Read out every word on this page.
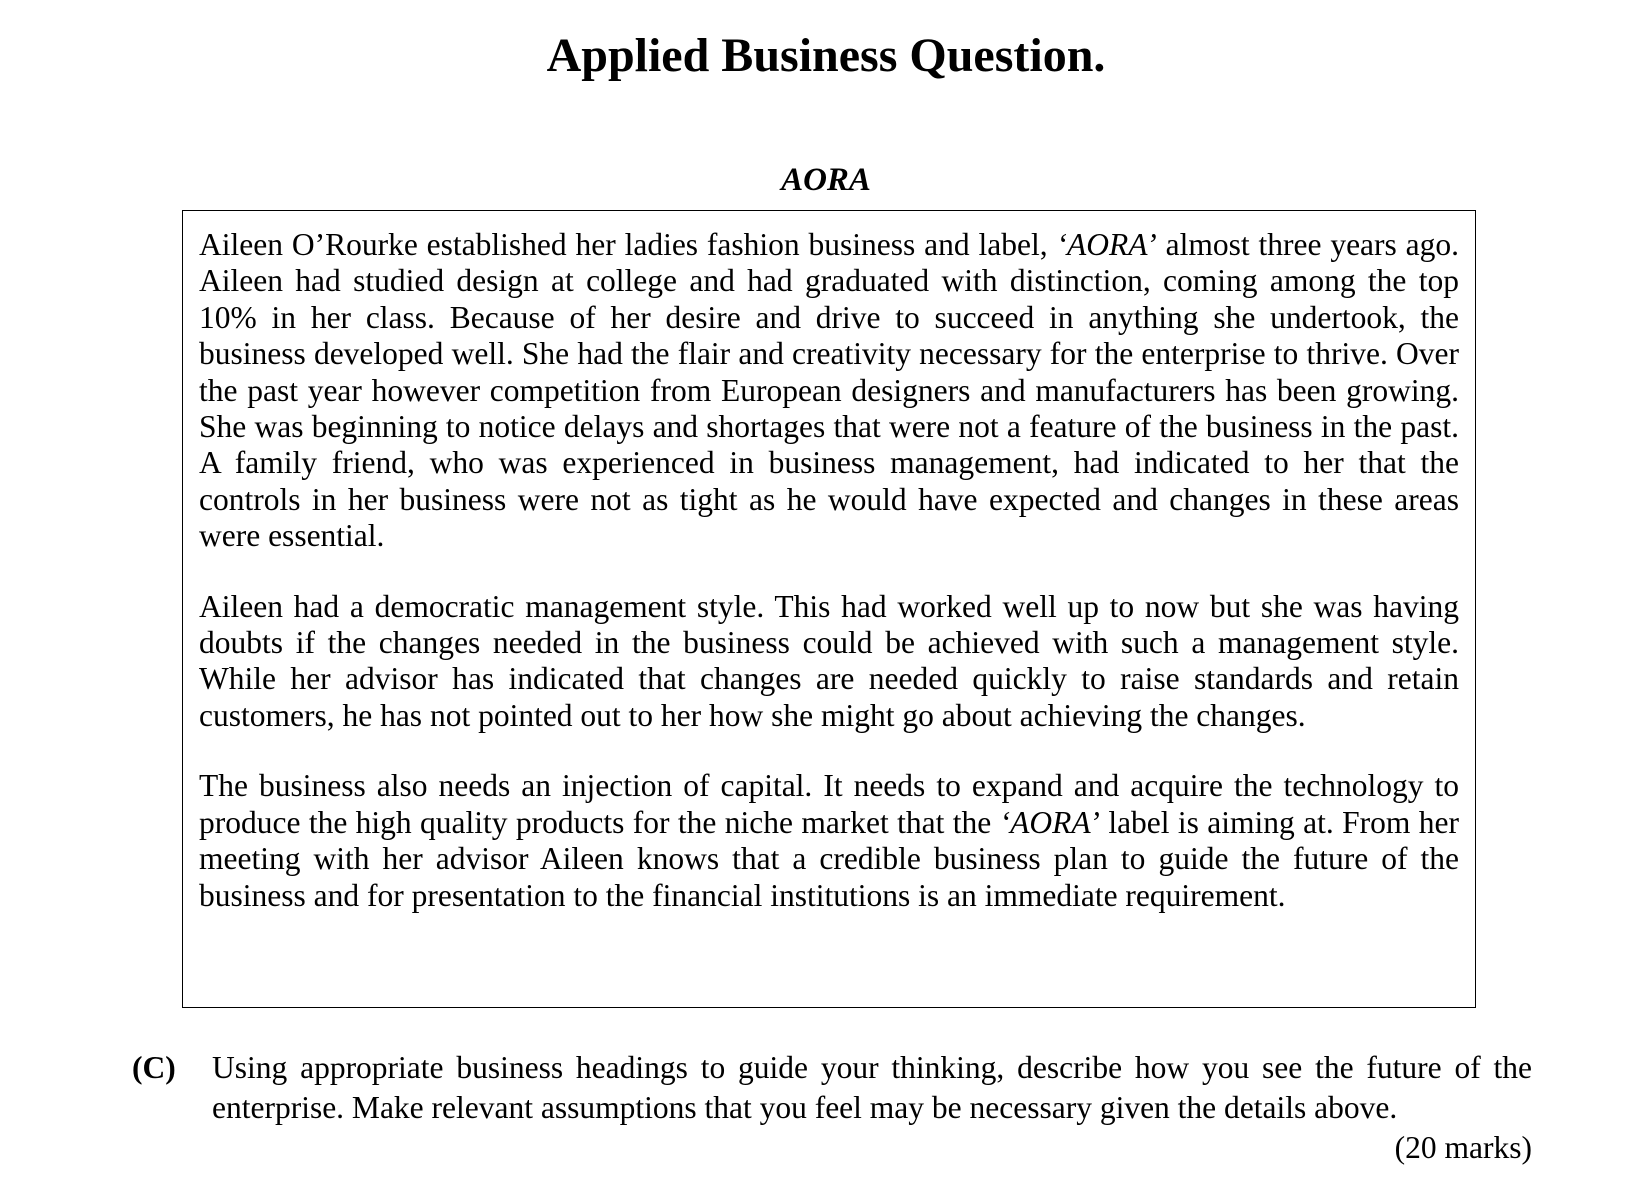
Applied Business Question.
AORA

Aileen O’Rourke established her ladies fashion business and label, ‘AORA’ almost three years ago. Aileen had studied design at college and had graduated with distinction, coming among the top 10% in her class. Because of her desire and drive to succeed in anything she undertook, the business developed well. She had the flair and creativity necessary for the enterprise to thrive. Over the past year however competition from European designers and manufacturers has been growing. She was beginning to notice delays and shortages that were not a feature of the business in the past. A family friend, who was experienced in business management, had indicated to her that the controls in her business were not as tight as he would have expected and changes in these areas were essential.

Aileen had a democratic management style. This had worked well up to now but she was having doubts if the changes needed in the business could be achieved with such a management style. While her advisor has indicated that changes are needed quickly to raise standards and retain customers, he has not pointed out to her how she might go about achieving the changes.

The business also needs an injection of capital. It needs to expand and acquire the technology to produce the high quality products for the niche market that the ‘AORA’ label is aiming at. From her meeting with her advisor Aileen knows that a credible business plan to guide the future of the business and for presentation to the financial institutions is an immediate requirement.

(C) Using appropriate business headings to guide your thinking, describe how you see the future of the enterprise. Make relevant assumptions that you feel may be necessary given the details above.
(20 marks)
